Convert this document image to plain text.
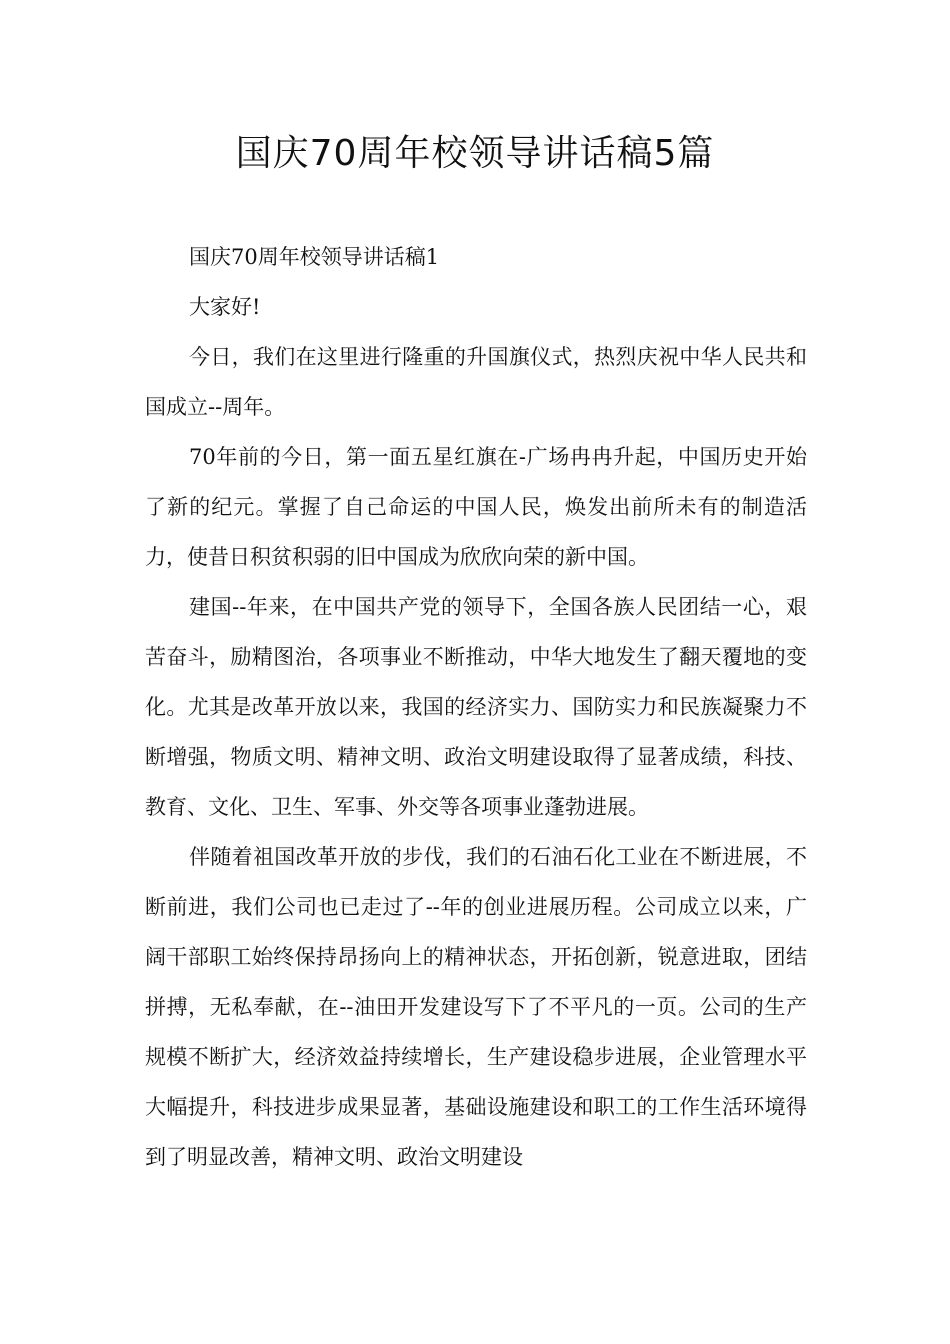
国庆70周年校领导讲话稿5篇

国庆70周年校领导讲话稿1

大家好!

今日，我们在这里进行隆重的升国旗仪式，热烈庆祝中华人民共和国成立--周年。

70年前的今日，第一面五星红旗在-广场冉冉升起，中国历史开始了新的纪元。掌握了自己命运的中国人民，焕发出前所未有的制造活力，使昔日积贫积弱的旧中国成为欣欣向荣的新中国。

建国--年来，在中国共产党的领导下，全国各族人民团结一心，艰苦奋斗，励精图治，各项事业不断推动，中华大地发生了翻天覆地的变化。尤其是改革开放以来，我国的经济实力、国防实力和民族凝聚力不断增强，物质文明、精神文明、政治文明建设取得了显著成绩，科技、教育、文化、卫生、军事、外交等各项事业蓬勃进展。

伴随着祖国改革开放的步伐，我们的石油石化工业在不断进展，不断前进，我们公司也已走过了--年的创业进展历程。公司成立以来，广阔干部职工始终保持昂扬向上的精神状态，开拓创新，锐意进取，团结拼搏，无私奉献，在--油田开发建设写下了不平凡的一页。公司的生产规模不断扩大，经济效益持续增长，生产建设稳步进展，企业管理水平大幅提升，科技进步成果显著，基础设施建设和职工的工作生活环境得到了明显改善，精神文明、政治文明建设
